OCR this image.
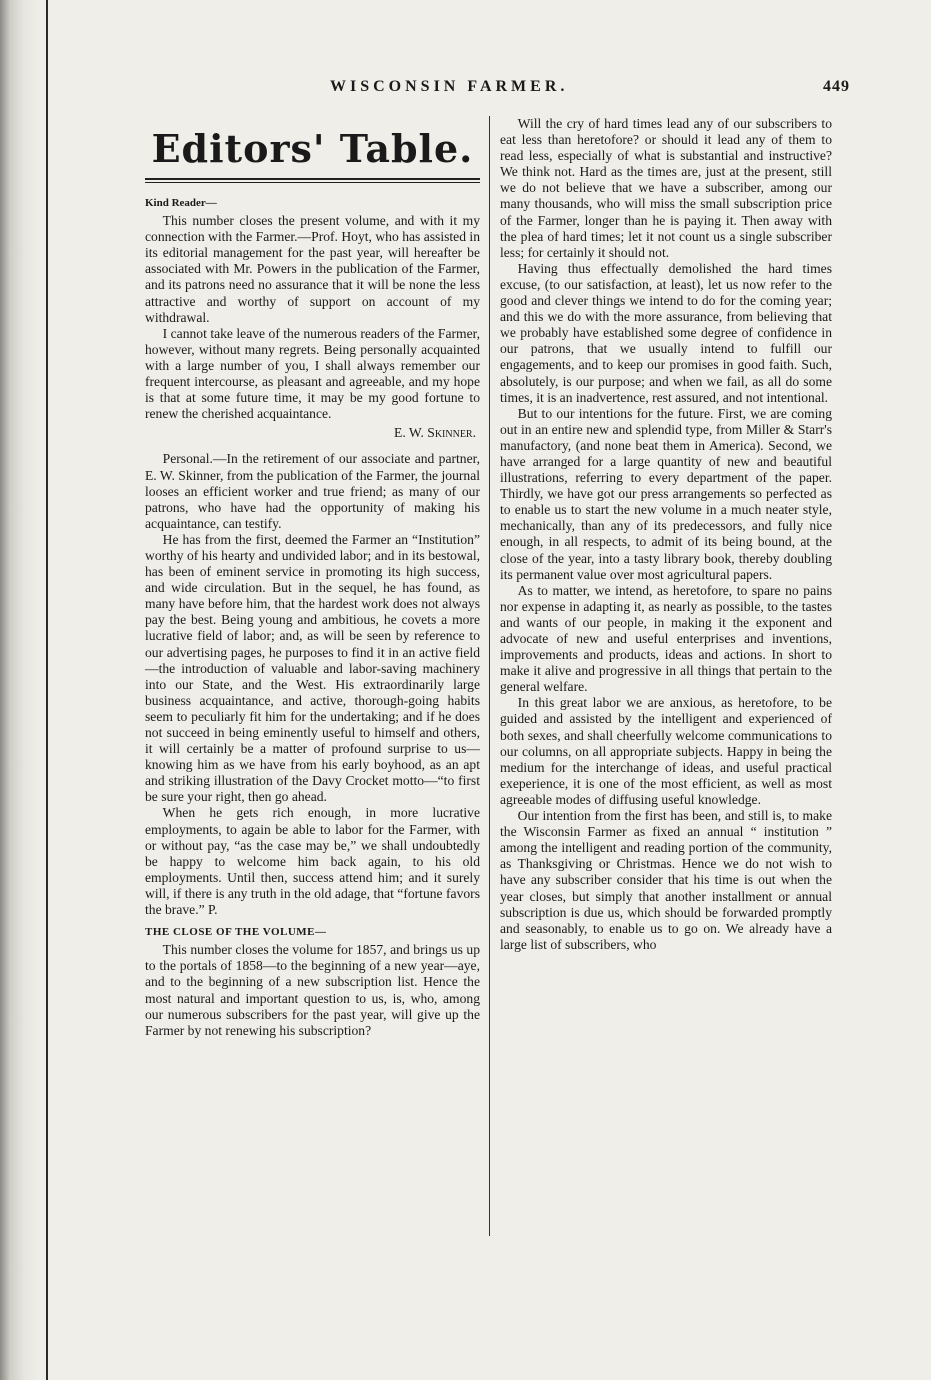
WISCONSIN FARMER.	449
Editors' Table.
Kind Reader—

This number closes the present volume, and with it my connection with the Farmer.—Prof. Hoyt, who has assisted in its editorial management for the past year, will hereafter be associated with Mr. Powers in the publication of the Farmer, and its patrons need no assurance that it will be none the less attractive and worthy of support on account of my withdrawal.

I cannot take leave of the numerous readers of the Farmer, however, without many regrets. Being personally acquainted with a large number of you, I shall always remember our frequent intercourse, as pleasant and agreeable, and my hope is that at some future time, it may be my good fortune to renew the cherished acquaintance.

E. W. Skinner.

Personal.—In the retirement of our associate and partner, E. W. Skinner, from the publication of the Farmer, the journal looses an efficient worker and true friend; as many of our patrons, who have had the opportunity of making his acquaintance, can testify.

He has from the first, deemed the Farmer an “Institution” worthy of his hearty and undivided labor; and in its bestowal, has been of eminent service in promoting its high success, and wide circulation. But in the sequel, he has found, as many have before him, that the hardest work does not always pay the best. Being young and ambitious, he covets a more lucrative field of labor; and, as will be seen by reference to our advertising pages, he purposes to find it in an active field—the introduction of valuable and labor-saving machinery into our State, and the West. His extraordinarily large business acquaintance, and active, thorough-going habits seem to peculiarly fit him for the undertaking; and if he does not succeed in being eminently useful to himself and others, it will certainly be a matter of profound surprise to us—knowing him as we have from his early boyhood, as an apt and striking illustration of the Davy Crocket motto—“to first be sure your right, then go ahead.

When he gets rich enough, in more lucrative employments, to again be able to labor for the Farmer, with or without pay, “as the case may be,” we shall undoubtedly be happy to welcome him back again, to his old employments. Until then, success attend him; and it surely will, if there is any truth in the old adage, that “fortune favors the brave.” P.

THE CLOSE OF THE VOLUME—

This number closes the volume for 1857, and brings us up to the portals of 1858—to the beginning of a new year—aye, and to the beginning of a new subscription list. Hence the most natural and important question to us, is, who, among our numerous subscribers for the past year, will give up the Farmer by not renewing his subscription?

Will the cry of hard times lead any of our subscribers to eat less than heretofore? or should it lead any of them to read less, especially of what is substantial and instructive? We think not. Hard as the times are, just at the present, still we do not believe that we have a subscriber, among our many thousands, who will miss the small subscription price of the Farmer, longer than he is paying it. Then away with the plea of hard times; let it not count us a single subscriber less; for certainly it should not.

Having thus effectually demolished the hard times excuse, (to our satisfaction, at least), let us now refer to the good and clever things we intend to do for the coming year; and this we do with the more assurance, from believing that we probably have established some degree of confidence in our patrons, that we usually intend to fulfill our engagements, and to keep our promises in good faith. Such, absolutely, is our purpose; and when we fail, as all do some times, it is an inadvertence, rest assured, and not intentional.

But to our intentions for the future. First, we are coming out in an entire new and splendid type, from Miller & Starr's manufactory, (and none beat them in America). Second, we have arranged for a large quantity of new and beautiful illustrations, referring to every department of the paper. Thirdly, we have got our press arrangements so perfected as to enable us to start the new volume in a much neater style, mechanically, than any of its predecessors, and fully nice enough, in all respects, to admit of its being bound, at the close of the year, into a tasty library book, thereby doubling its permanent value over most agricultural papers.

As to matter, we intend, as heretofore, to spare no pains nor expense in adapting it, as nearly as possible, to the tastes and wants of our people, in making it the exponent and advocate of new and useful enterprises and inventions, improvements and products, ideas and actions. In short to make it alive and progressive in all things that pertain to the general welfare.

In this great labor we are anxious, as heretofore, to be guided and assisted by the intelligent and experienced of both sexes, and shall cheerfully welcome communications to our columns, on all appropriate subjects. Happy in being the medium for the interchange of ideas, and useful practical exeperience, it is one of the most efficient, as well as most agreeable modes of diffusing useful knowledge.

Our intention from the first has been, and still is, to make the Wisconsin Farmer as fixed an annual “ institution ” among the intelligent and reading portion of the community, as Thanksgiving or Christmas. Hence we do not wish to have any subscriber consider that his time is out when the year closes, but simply that another installment or annual subscription is due us, which should be forwarded promptly and seasonably, to enable us to go on. We already have a large list of subscribers, who
